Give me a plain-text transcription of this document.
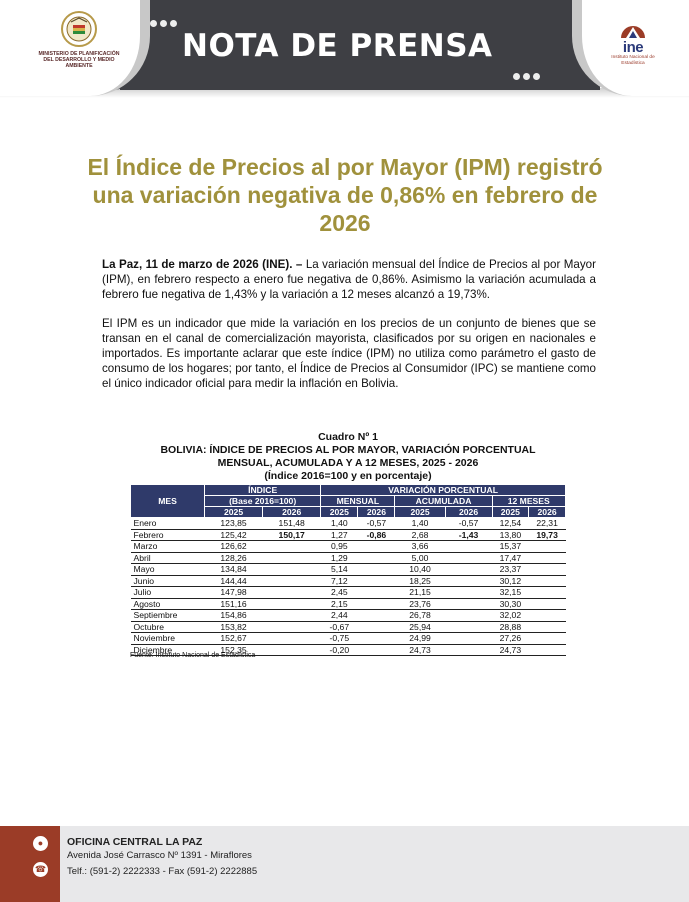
NOTA DE PRENSA
MINISTERIO DE PLANIFICACIÓN DEL DESARROLLO Y MEDIO AMBIENTE
ine
Instituto Nacional de Estadística
El Índice de Precios al por Mayor (IPM) registró una variación negativa de 0,86% en febrero de 2026

La Paz, 11 de marzo de 2026 (INE). – La variación mensual del Índice de Precios al por Mayor (IPM), en febrero respecto a enero fue negativa de 0,86%. Asimismo la variación acumulada a febrero fue negativa de 1,43% y la variación a 12 meses alcanzó a 19,73%.

El IPM es un indicador que mide la variación en los precios de un conjunto de bienes que se transan en el canal de comercialización mayorista, clasificados por su origen en nacionales e importados. Es importante aclarar que este índice (IPM) no utiliza como parámetro el gasto de consumo de los hogares; por tanto, el Índice de Precios al Consumidor (IPC) se mantiene como el único indicador oficial para medir la inflación en Bolivia.

Cuadro Nº 1
BOLIVIA: ÍNDICE DE PRECIOS AL POR MAYOR, VARIACIÓN PORCENTUAL
MENSUAL, ACUMULADA Y A 12 MESES, 2025 - 2026
(Índice 2016=100 y en porcentaje)
MES	ÍNDICE		VARIACIÓN PORCENTUAL					
	(Base 2016=100)		MENSUAL		ACUMULADA		12 MESES	
	2025	2026	2025	2026	2025	2026	2025	2026
Enero	123,85	151,48	1,40	-0,57	1,40	-0,57	12,54	22,31
Febrero	125,42	150,17	1,27	-0,86	2,68	-1,43	13,80	19,73
Marzo	126,62		0,95		3,66		15,37	
Abril	128,26		1,29		5,00		17,47	
Mayo	134,84		5,14		10,40		23,37	
Junio	144,44		7,12		18,25		30,12	
Julio	147,98		2,45		21,15		32,15	
Agosto	151,16		2,15		23,76		30,30	
Septiembre	154,86		2,44		26,78		32,02	
Octubre	153,82		-0,67		25,94		28,88	
Noviembre	152,67		-0,75		24,99		27,26	
Diciembre	152,35		-0,20		24,73		24,73	
Fuente: Instituto Nacional de Estadística
●
☎
OFICINA CENTRAL LA PAZ
Avenida José Carrasco Nº 1391 - Miraflores
Telf.: (591-2) 2222333 - Fax (591-2) 2222885
